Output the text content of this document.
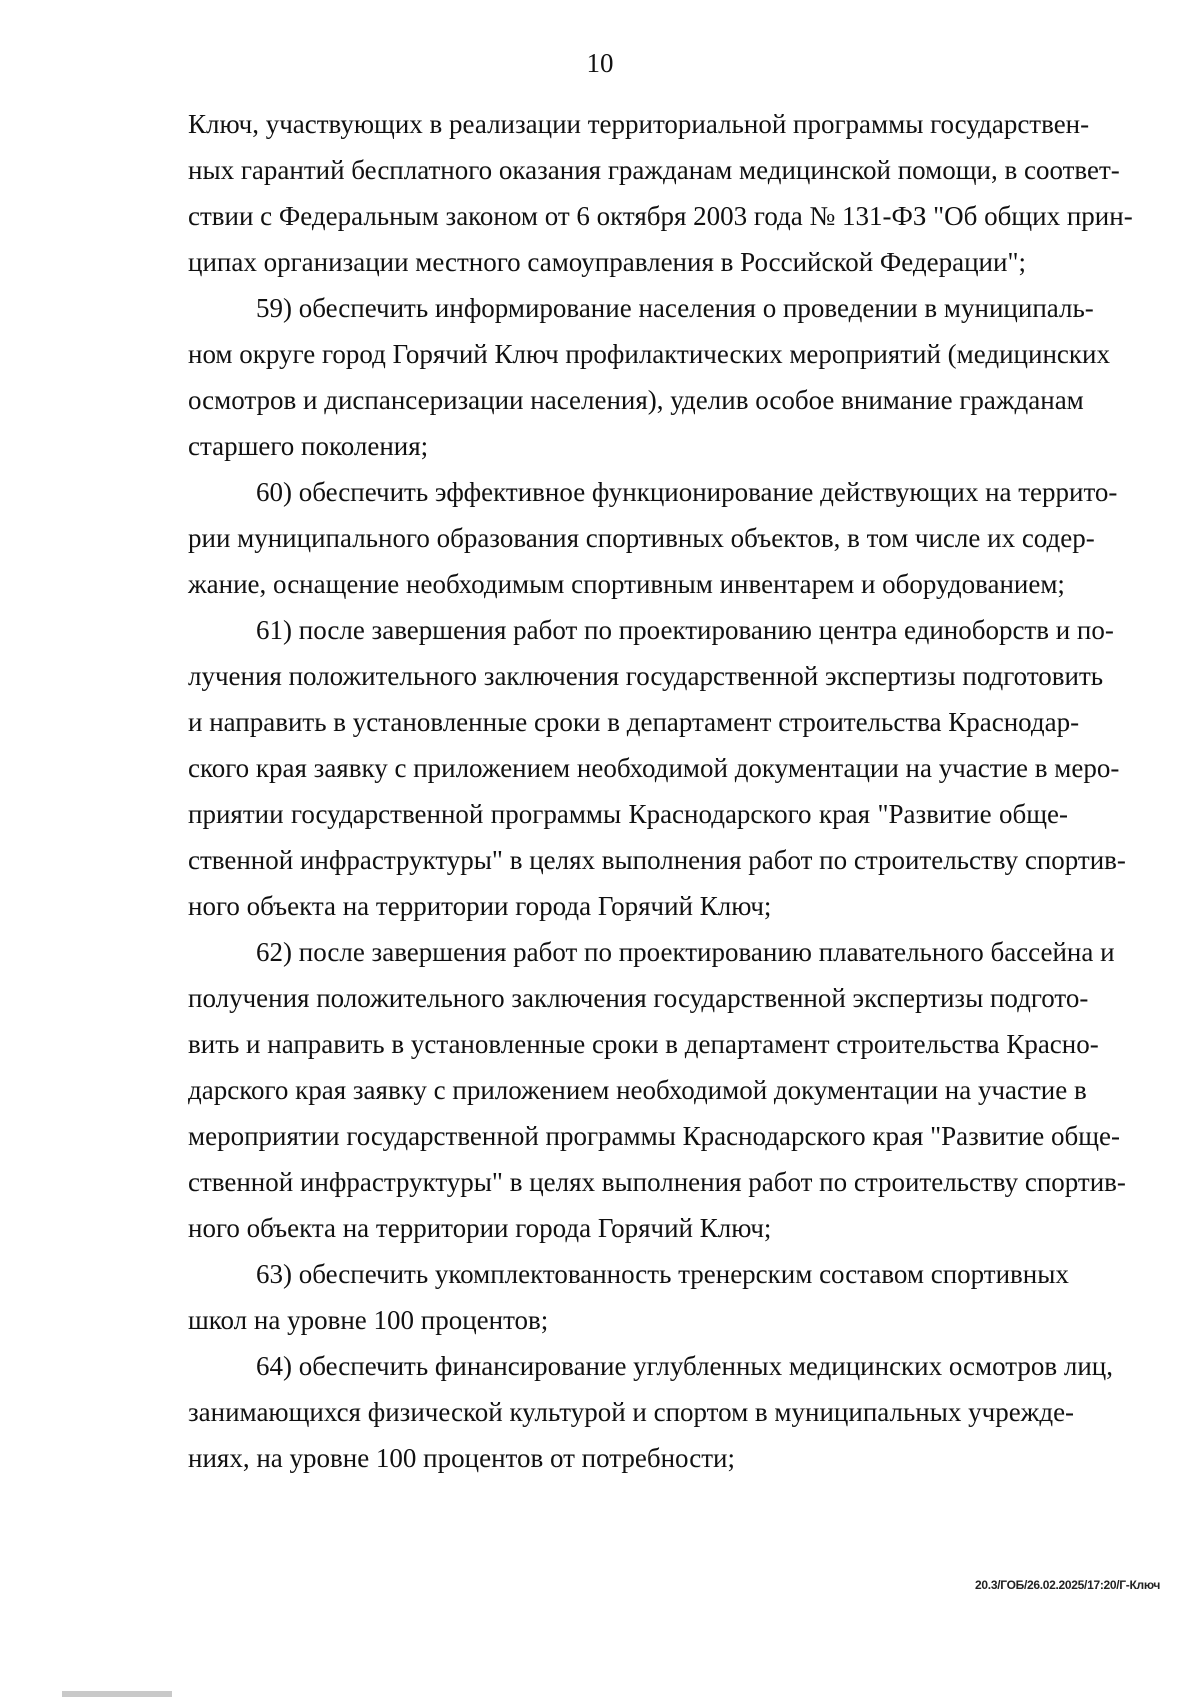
10
Ключ, участвующих в реализации территориальной программы государствен-
ных гарантий бесплатного оказания гражданам медицинской помощи, в соответ-
ствии с Федеральным законом от 6 октября 2003 года № 131-ФЗ "Об общих прин-
ципах организации местного самоуправления в Российской Федерации";
59) обеспечить информирование населения о проведении в муниципаль-
ном округе город Горячий Ключ профилактических мероприятий (медицинских
осмотров и диспансеризации населения), уделив особое внимание гражданам
старшего поколения;
60) обеспечить эффективное функционирование действующих на террито-
рии муниципального образования спортивных объектов, в том числе их содер-
жание, оснащение необходимым спортивным инвентарем и оборудованием;
61) после завершения работ по проектированию центра единоборств и по-
лучения положительного заключения государственной экспертизы подготовить
и направить в установленные сроки в департамент строительства Краснодар-
ского края заявку с приложением необходимой документации на участие в меро-
приятии государственной программы Краснодарского края "Развитие обще-
ственной инфраструктуры" в целях выполнения работ по строительству спортив-
ного объекта на территории города Горячий Ключ;
62) после завершения работ по проектированию плавательного бассейна и
получения положительного заключения государственной экспертизы подгото-
вить и направить в установленные сроки в департамент строительства Красно-
дарского края заявку с приложением необходимой документации на участие в
мероприятии государственной программы Краснодарского края "Развитие обще-
ственной инфраструктуры" в целях выполнения работ по строительству спортив-
ного объекта на территории города Горячий Ключ;
63) обеспечить укомплектованность тренерским составом спортивных
школ на уровне 100 процентов;
64) обеспечить финансирование углубленных медицинских осмотров лиц,
занимающихся физической культурой и спортом в муниципальных учрежде-
ниях, на уровне 100 процентов от потребности;
20.3/ГОБ/26.02.2025/17:20/Г-Ключ
